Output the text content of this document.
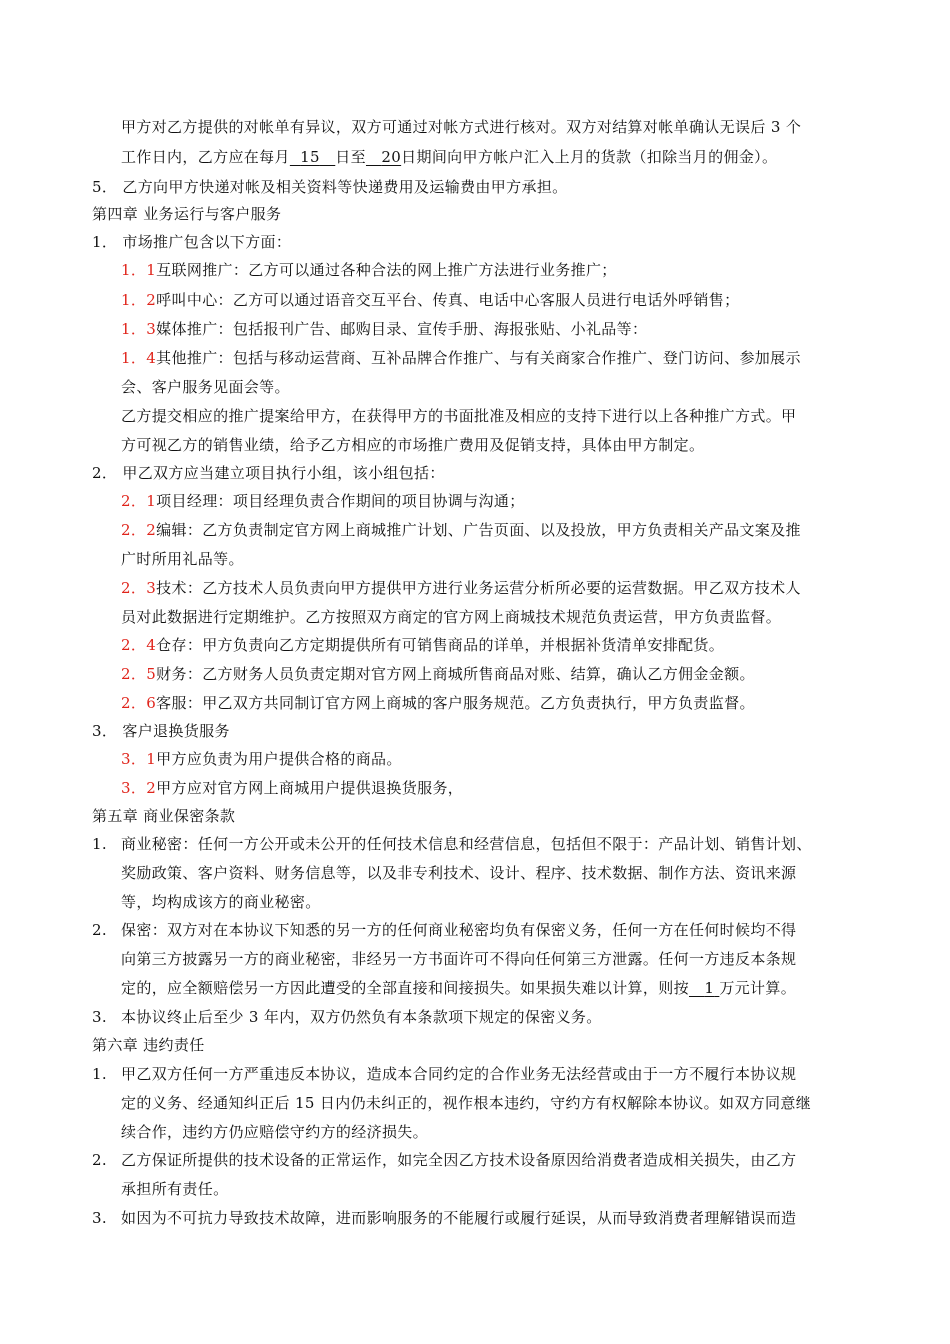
甲方对乙方提供的对帐单有异议，双方可通过对帐方式进行核对。双方对结算对帐单确认无误后 3 个
工作日内，乙方应在每月 15 日至 20日期间向甲方帐户汇入上月的货款（扣除当月的佣金）。
5． 乙方向甲方快递对帐及相关资料等快递费用及运输费由甲方承担。
第四章 业务运行与客户服务
1． 市场推广包含以下方面：
1．1互联网推广：乙方可以通过各种合法的网上推广方法进行业务推广；
1．2呼叫中心：乙方可以通过语音交互平台、传真、电话中心客服人员进行电话外呼销售；
1．3媒体推广：包括报刊广告、邮购目录、宣传手册、海报张贴、小礼品等：
1．4其他推广：包括与移动运营商、互补品牌合作推广、与有关商家合作推广、登门访问、参加展示
会、客户服务见面会等。
乙方提交相应的推广提案给甲方，在获得甲方的书面批准及相应的支持下进行以上各种推广方式。甲
方可视乙方的销售业绩，给予乙方相应的市场推广费用及促销支持，具体由甲方制定。
2． 甲乙双方应当建立项目执行小组，该小组包括：
2．1项目经理：项目经理负责合作期间的项目协调与沟通；
2．2编辑：乙方负责制定官方网上商城推广计划、广告页面、以及投放，甲方负责相关产品文案及推
广时所用礼品等。
2．3技术：乙方技术人员负责向甲方提供甲方进行业务运营分析所必要的运营数据。甲乙双方技术人
员对此数据进行定期维护。乙方按照双方商定的官方网上商城技术规范负责运营，甲方负责监督。
2．4仓存：甲方负责向乙方定期提供所有可销售商品的详单，并根据补货清单安排配货。
2．5财务：乙方财务人员负责定期对官方网上商城所售商品对账、结算，确认乙方佣金金额。
2．6客服：甲乙双方共同制订官方网上商城的客户服务规范。乙方负责执行，甲方负责监督。
3． 客户退换货服务
3．1甲方应负责为用户提供合格的商品。
3．2甲方应对官方网上商城用户提供退换货服务，
第五章 商业保密条款
1. 商业秘密：任何一方公开或未公开的任何技术信息和经营信息，包括但不限于：产品计划、销售计划、
奖励政策、客户资料、财务信息等，以及非专利技术、设计、程序、技术数据、制作方法、资讯来源
等，均构成该方的商业秘密。
2. 保密：双方对在本协议下知悉的另一方的任何商业秘密均负有保密义务，任何一方在任何时候均不得
向第三方披露另一方的商业秘密，非经另一方书面许可不得向任何第三方泄露。任何一方违反本条规
定的，应全额赔偿另一方因此遭受的全部直接和间接损失。如果损失难以计算，则按 1 万元计算。
3. 本协议终止后至少 3 年内，双方仍然负有本条款项下规定的保密义务。
第六章 违约责任
1. 甲乙双方任何一方严重违反本协议，造成本合同约定的合作业务无法经营或由于一方不履行本协议规
定的义务、经通知纠正后 15 日内仍未纠正的，视作根本违约，守约方有权解除本协议。如双方同意继
续合作，违约方仍应赔偿守约方的经济损失。
2. 乙方保证所提供的技术设备的正常运作，如完全因乙方技术设备原因给消费者造成相关损失，由乙方
承担所有责任。
3. 如因为不可抗力导致技术故障，进而影响服务的不能履行或履行延误，从而导致消费者理解错误而造
